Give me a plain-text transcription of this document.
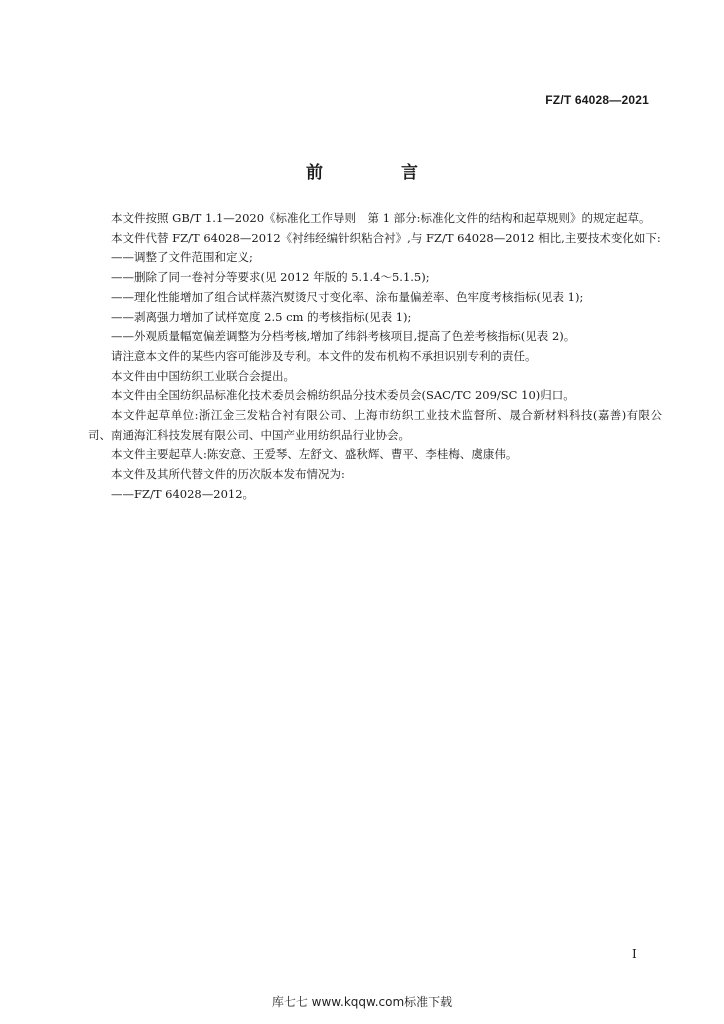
FZ/T 64028—2021
前 言

本文件按照 GB/T 1.1—2020《标准化工作导则　第 1 部分:标准化文件的结构和起草规则》的规定起草。

本文件代替 FZ/T 64028—2012《衬纬经编针织粘合衬》,与 FZ/T 64028—2012 相比,主要技术变化如下:

——调整了文件范围和定义;

——删除了同一卷衬分等要求(见 2012 年版的 5.1.4～5.1.5);

——理化性能增加了组合试样蒸汽熨烫尺寸变化率、涂布量偏差率、色牢度考核指标(见表 1);

——剥离强力增加了试样宽度 2.5 cm 的考核指标(见表 1);

——外观质量幅宽偏差调整为分档考核,增加了纬斜考核项目,提高了色差考核指标(见表 2)。

请注意本文件的某些内容可能涉及专利。本文件的发布机构不承担识别专利的责任。

本文件由中国纺织工业联合会提出。

本文件由全国纺织品标准化技术委员会棉纺织品分技术委员会(SAC/TC 209/SC 10)归口。

本文件起草单位:浙江金三发粘合衬有限公司、上海市纺织工业技术监督所、晟合新材料科技(嘉善)有限公司、南通海汇科技发展有限公司、中国产业用纺织品行业协会。

本文件主要起草人:陈安意、王爱琴、左舒文、盛秋辉、曹平、李桂梅、虞康伟。

本文件及其所代替文件的历次版本发布情况为:

——FZ/T 64028—2012。

I
库七七 www.kqqw.com标准下载
